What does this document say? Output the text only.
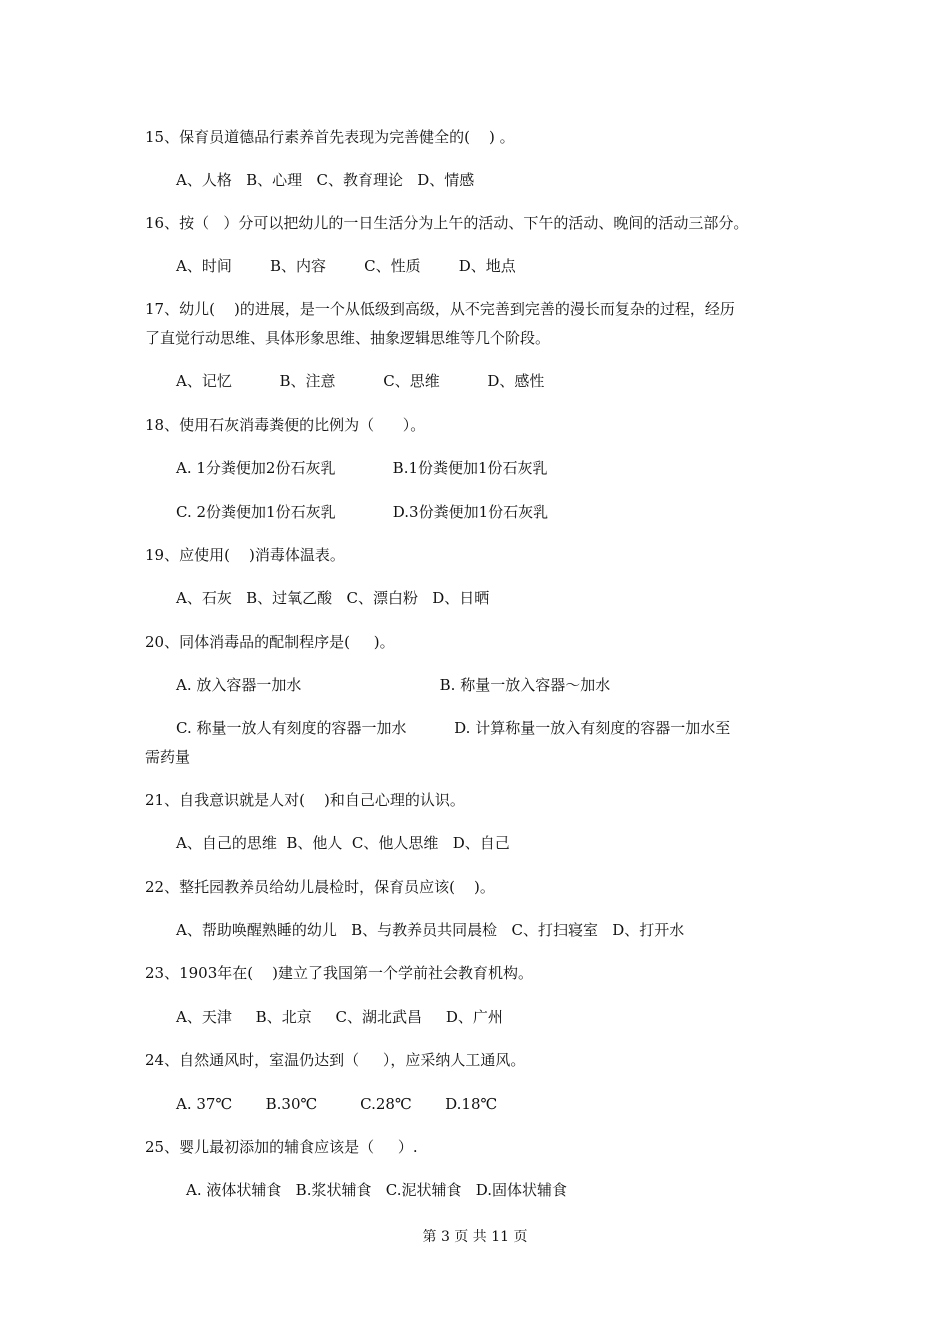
15、保育员道德品行素养首先表现为完善健全的(    ) 。
A、人格   B、心理   C、教育理论   D、情感
16、按（   ）分可以把幼儿的一日生活分为上午的活动、下午的活动、晚间的活动三部分。
A、时间        B、内容        C、性质        D、地点
17、幼儿(    )的进展，是一个从低级到高级，从不完善到完善的漫长而复杂的过程，经历
了直觉行动思维、具体形象思维、抽象逻辑思维等几个阶段。
A、记忆          B、注意          C、思维          D、感性
18、使用石灰消毒粪便的比例为（      ）。
A. 1分粪便加2份石灰乳            B.1份粪便加1份石灰乳
C. 2份粪便加1份石灰乳            D.3份粪便加1份石灰乳
19、应使用(    )消毒体温表。
A、石灰   B、过氧乙酸   C、漂白粉   D、日晒
20、同体消毒品的配制程序是(     )。
A. 放入容器一加水                             B. 称量一放入容器～加水
C. 称量一放人有刻度的容器一加水          D. 计算称量一放入有刻度的容器一加水至
需药量
21、自我意识就是人对(    )和自己心理的认识。
A、自己的思维  B、他人  C、他人思维   D、自己
22、整托园教养员给幼儿晨检时，保育员应该(    )。
A、帮助唤醒熟睡的幼儿   B、与教养员共同晨检   C、打扫寝室   D、打开水
23、1903年在(    )建立了我国第一个学前社会教育机构。
A、天津     B、北京     C、湖北武昌     D、广州
24、自然通风时，室温仍达到（     ），应采纳人工通风。
A. 37℃       B.30℃         C.28℃       D.18℃
25、婴儿最初添加的辅食应该是（     ）.
A. 液体状辅食   B.浆状辅食   C.泥状辅食   D.固体状辅食
第 3 页 共 11 页
